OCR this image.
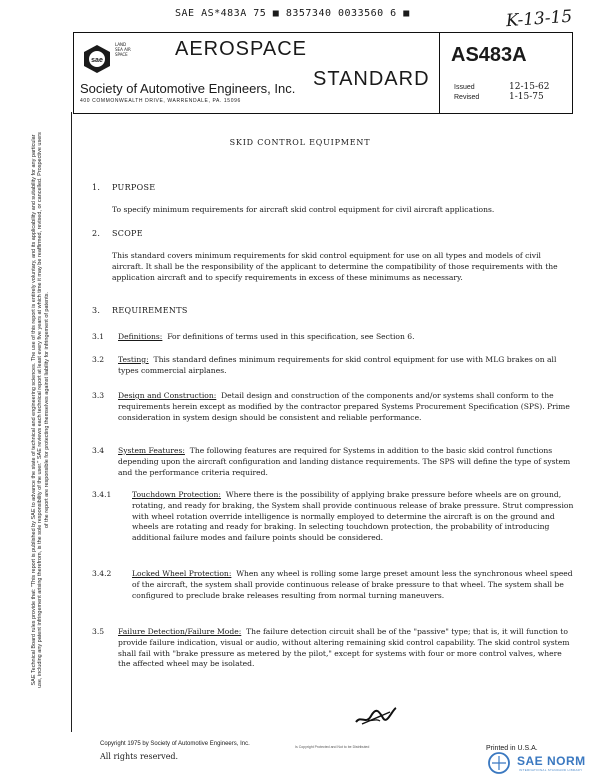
SAE AS*483A 75 ■ 8357340 0033560 6 ■	K-13-15
sae
LAND SEA AIR SPACE	AEROSPACE
STANDARD
Society of Automotive Engineers, Inc.
400 COMMONWEALTH DRIVE, WARRENDALE, PA. 15096
AS483A
Issued	12-15-62
Revised	1-15-75
SAE Technical Board rules provide that: "This report is published by SAE to advance the state of technical and engineering sciences. The use of this report is entirely voluntary, and its applicability and suitability for any particular use, including any patent infringement arising therefrom, is the sole responsibility of the user." SAE reviews each technical report at least every five years at which time it may be reaffirmed, revised, or cancelled. Prospective users of the report are responsible for protecting themselves against liability for infringement of patents.
SKID CONTROL EQUIPMENT
1. PURPOSE
To specify minimum requirements for aircraft skid control equipment for civil aircraft applications.
2. SCOPE
This standard covers minimum requirements for skid control equipment for use on all types and models of civil aircraft. It shall be the responsibility of the applicant to determine the compatibility of those requirements with the application aircraft and to specify requirements in excess of these minimums as necessary.
3. REQUIREMENTS
3.1 Definitions: For definitions of terms used in this specification, see Section 6.
3.2 Testing: This standard defines minimum requirements for skid control equipment for use with MLG brakes on all types commercial airplanes.
3.3 Design and Construction: Detail design and construction of the components and/or systems shall conform to the requirements herein except as modified by the contractor prepared Systems Procurement Specification (SPS). Prime consideration in system design should be consistent and reliable performance.
3.4 System Features: The following features are required for Systems in addition to the basic skid control functions depending upon the aircraft configuration and landing distance requirements. The SPS will define the type of system and the performance criteria required.
3.4.1	Touchdown Protection: Where there is the possibility of applying brake pressure before wheels are on ground, rotating, and ready for braking, the System shall provide continuous release of brake pressure. Strut compression with wheel rotation override intelligence is normally employed to determine the aircraft is on the ground and wheels are rotating and ready for braking. In selecting touchdown protection, the probability of introducing additional failure modes and failure points should be considered.
3.4.2	Locked Wheel Protection: When any wheel is rolling some large preset amount less the synchronous wheel speed of the aircraft, the system shall provide continuous release of brake pressure to that wheel. The system shall be configured to preclude brake releases resulting from normal turning maneuvers.
3.5 Failure Detection/Failure Mode: The failure detection circuit shall be of the "passive" type; that is, it will function to provide failure indication, visual or audio, without altering remaining skid control capability. The skid control system shall fail with "brake pressure as metered by the pilot," except for systems with four or more control valves, where the affected wheel may be isolated.
Copyright 1975 by Society of Automotive Engineers, Inc.
All rights reserved.
Is Copyright Protected and Not to be Distributed	Printed in U.S.A.
SAE NORM
INTERNATIONAL STANDARD LIBRARY
